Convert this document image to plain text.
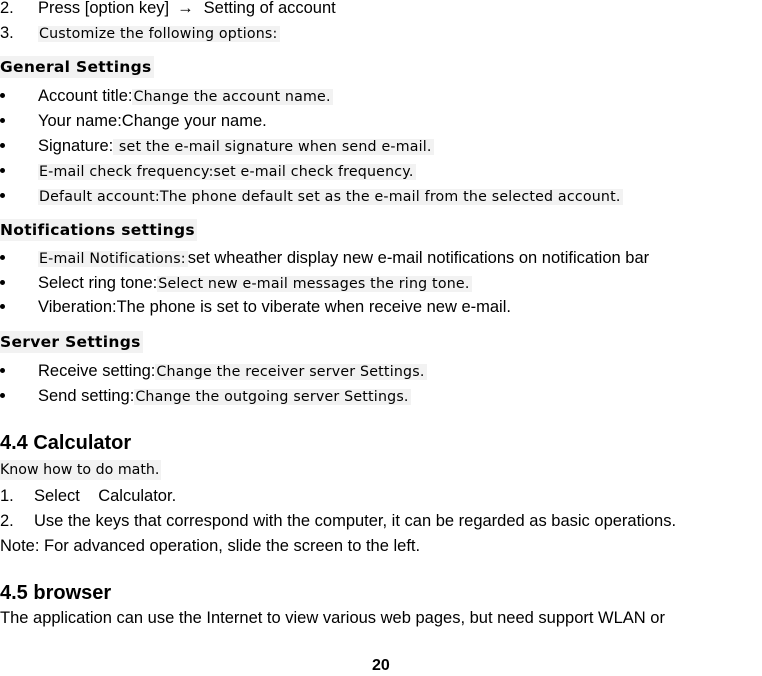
2. Press [option key] → Setting of account
3. Customize the following options:
General Settings
Account title:Change the account name.
Your name:Change your name.
Signature: set the e-mail signature when send e-mail.
E-mail check frequency:set e-mail check frequency.
Default account:The phone default set as the e-mail from the selected account.
Notifications settings
E-mail Notifications: set wheather display new e-mail notifications on notification bar
Select ring tone:Select new e-mail messages the ring tone.
Viberation:The phone is set to viberate when receive new e-mail.
Server Settings
Receive setting:Change the receiver server Settings.
Send setting:Change the outgoing server Settings.
4.4 Calculator
Know how to do math.
1. Select    Calculator.
2. Use the keys that correspond with the computer, it can be regarded as basic operations.
Note: For advanced operation, slide the screen to the left.
4.5 browser
The application can use the Internet to view various web pages, but need support WLAN or
20
